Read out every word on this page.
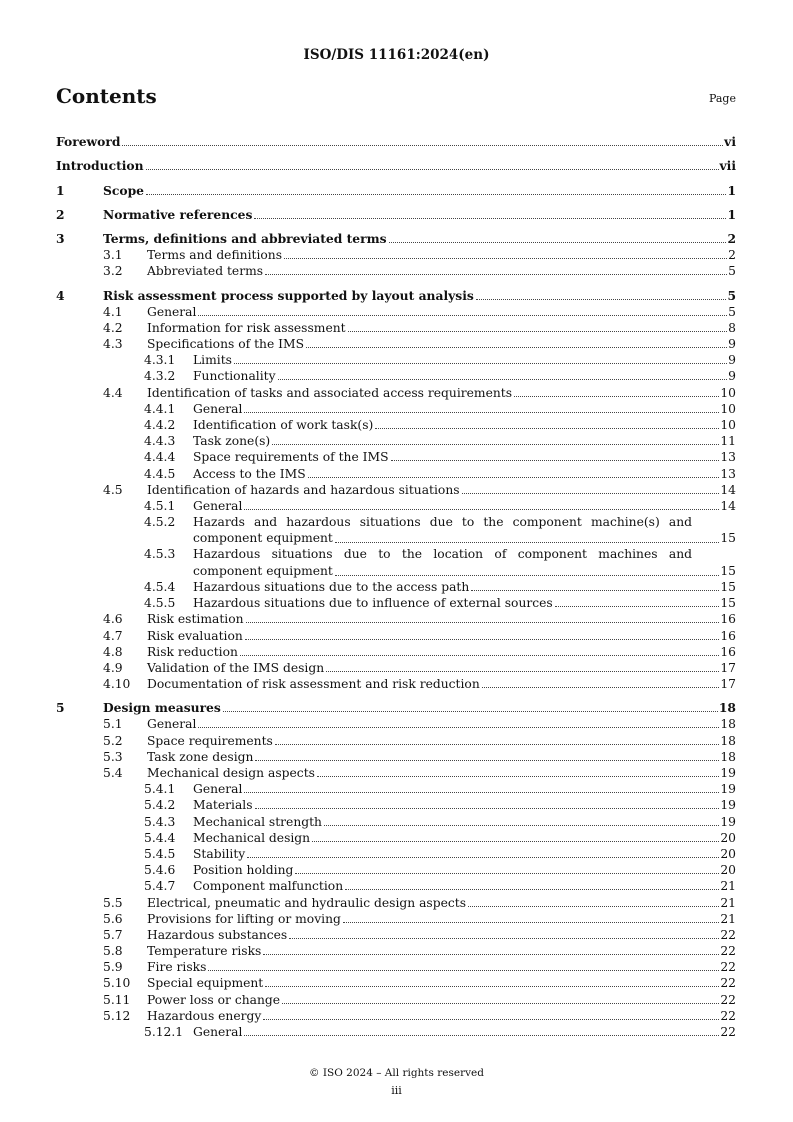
ISO/DIS 11161:2024(en)
Contents	Page
Foreword	vi
Introduction	vii
1	Scope	1
2	Normative references	1
3	Terms, definitions and abbreviated terms	2
3.1 Terms and definitions	2
3.2 Abbreviated terms	5
4	Risk assessment process supported by layout analysis	5
4.1 General	5
4.2 Information for risk assessment	8
4.3 Specifications of the IMS	9
4.3.1 Limits	9
4.3.2 Functionality	9
4.4 Identification of tasks and associated access requirements	10
4.4.1 General	10
4.4.2 Identification of work task(s)	10
4.4.3 Task zone(s)	11
4.4.4 Space requirements of the IMS	13
4.4.5 Access to the IMS	13
4.5 Identification of hazards and hazardous situations	14
4.5.1 General	14
4.5.2 Hazards and hazardous situations due to the component machine(s) and
component equipment	15
4.5.3 Hazardous situations due to the location of component machines and
component equipment	15
4.5.4 Hazardous situations due to the access path	15
4.5.5 Hazardous situations due to influence of external sources	15
4.6 Risk estimation	16
4.7 Risk evaluation	16
4.8 Risk reduction	16
4.9 Validation of the IMS design	17
4.10 Documentation of risk assessment and risk reduction	17
5	Design measures	18
5.1 General	18
5.2 Space requirements	18
5.3 Task zone design	18
5.4 Mechanical design aspects	19
5.4.1 General	19
5.4.2 Materials	19
5.4.3 Mechanical strength	19
5.4.4 Mechanical design	20
5.4.5 Stability	20
5.4.6 Position holding	20
5.4.7 Component malfunction	21
5.5 Electrical, pneumatic and hydraulic design aspects	21
5.6 Provisions for lifting or moving	21
5.7 Hazardous substances	22
5.8 Temperature risks	22
5.9 Fire risks	22
5.10 Special equipment	22
5.11 Power loss or change	22
5.12 Hazardous energy	22
5.12.1 General	22
© ISO 2024 – All rights reserved
iii
